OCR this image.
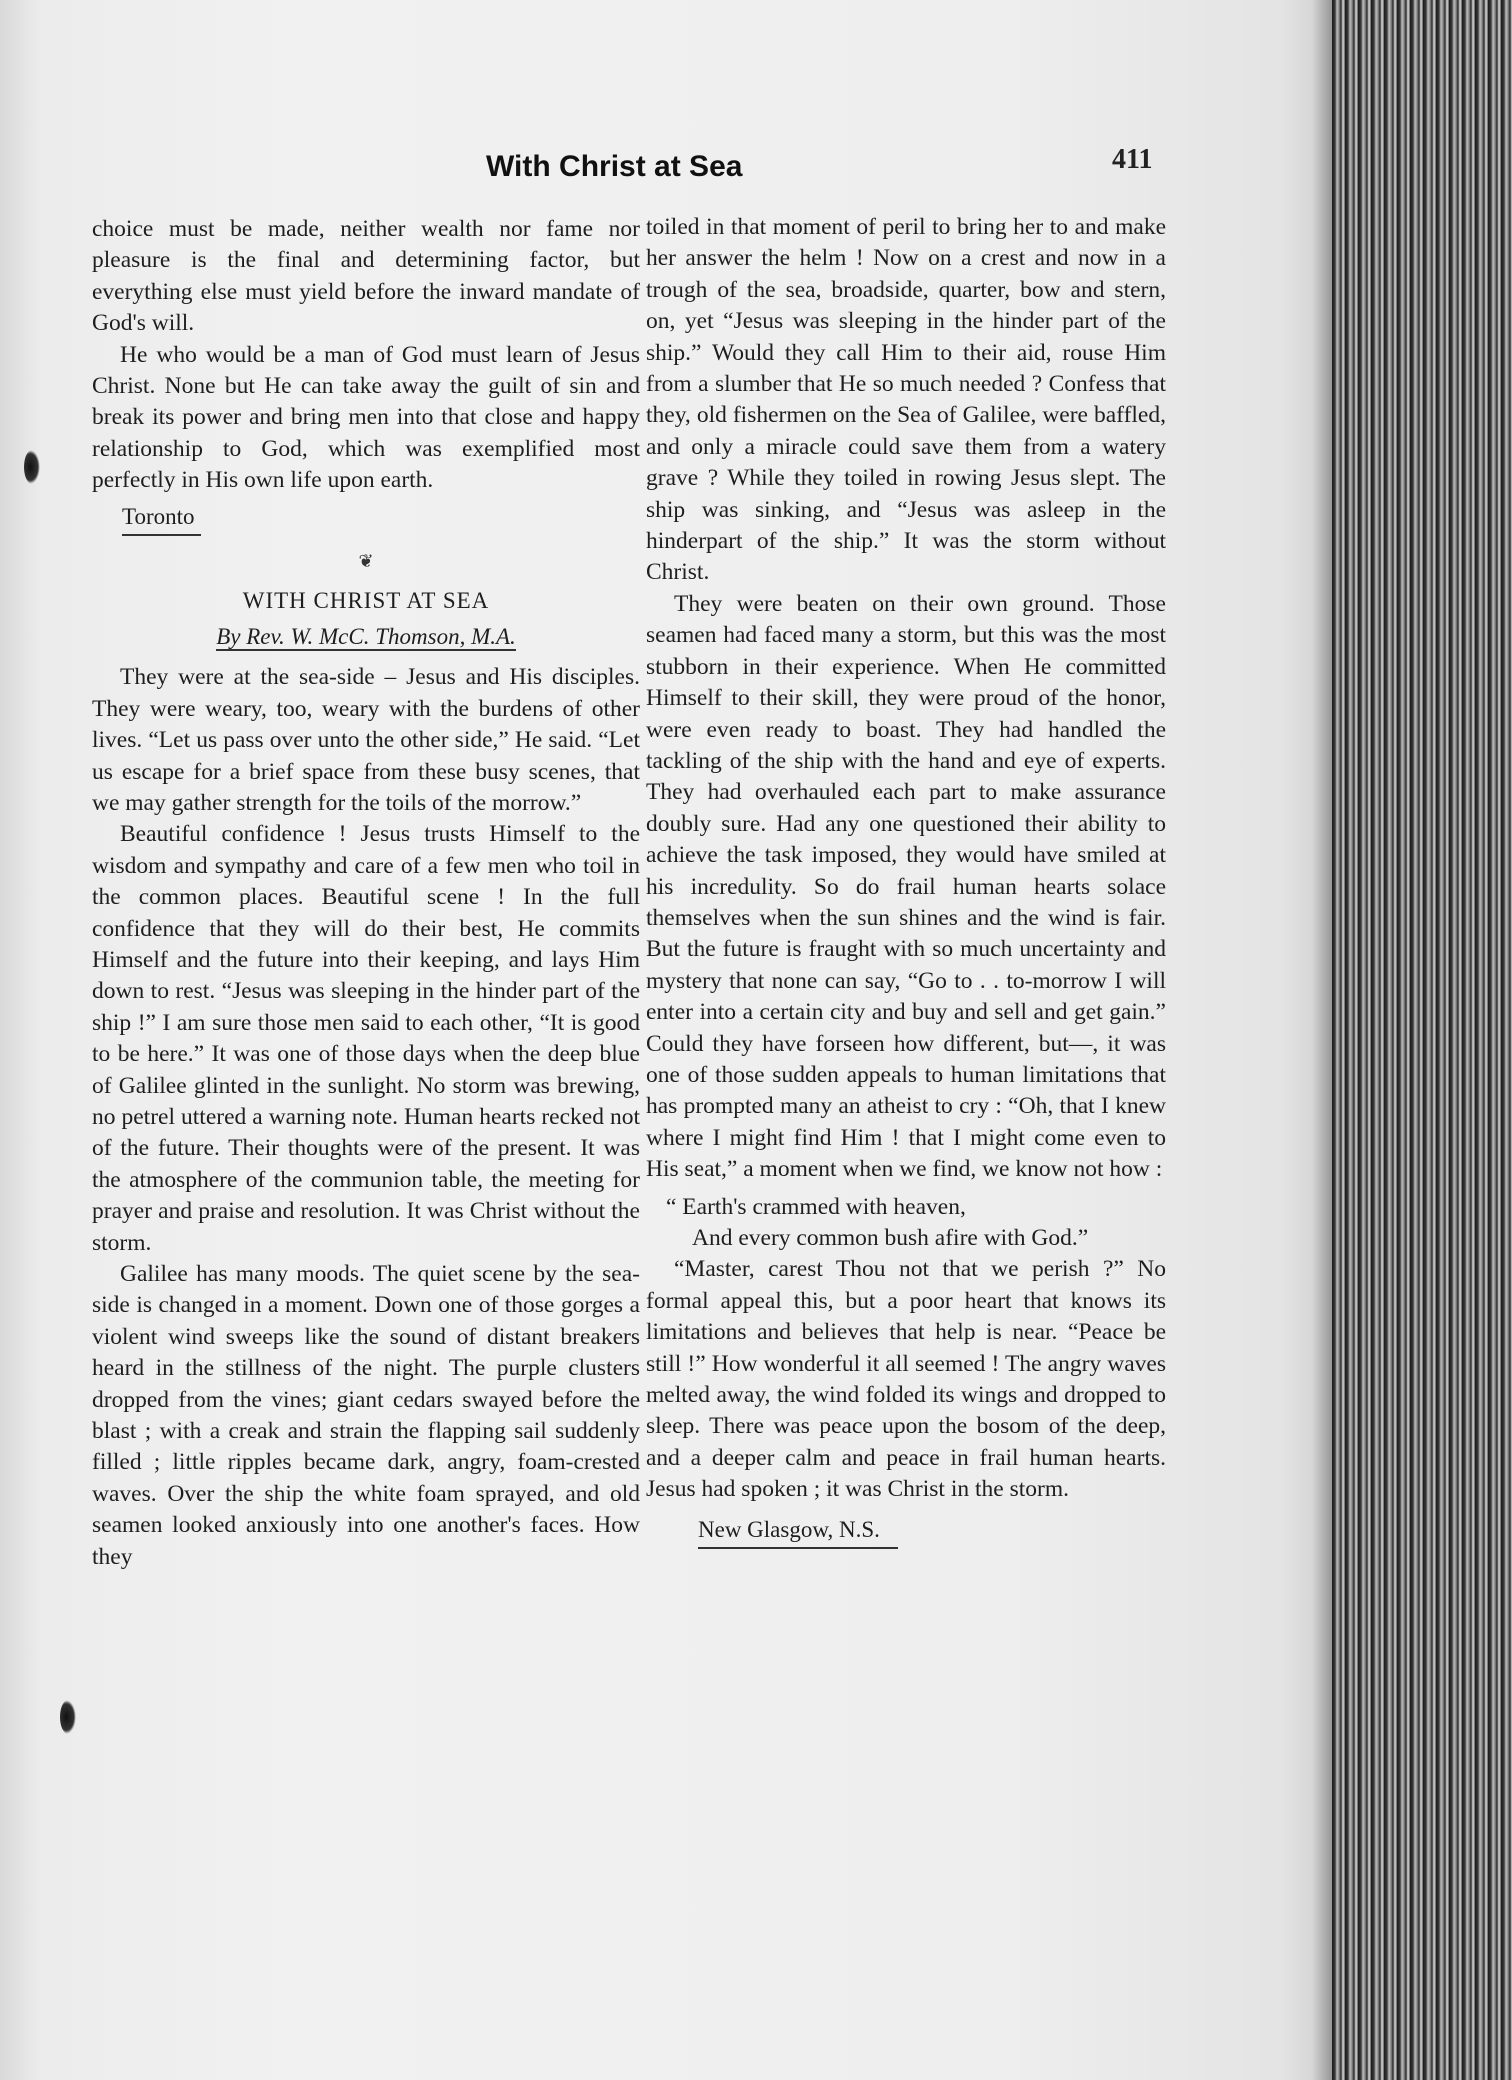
With Christ at Sea	411

choice must be made, neither wealth nor fame nor pleasure is the final and determining factor, but everything else must yield before the inward mandate of God's will.

He who would be a man of God must learn of Jesus Christ. None but He can take away the guilt of sin and break its power and bring men into that close and happy relationship to God, which was exemplified most perfectly in His own life upon earth.

Toronto
❦
WITH CHRIST AT SEA
By Rev. W. McC. Thomson, M.A.

They were at the sea-side – Jesus and His disciples. They were weary, too, weary with the burdens of other lives. “Let us pass over unto the other side,” He said. “Let us escape for a brief space from these busy scenes, that we may gather strength for the toils of the morrow.”

Beautiful confidence ! Jesus trusts Himself to the wisdom and sympathy and care of a few men who toil in the common places. Beautiful scene ! In the full confidence that they will do their best, He commits Himself and the future into their keeping, and lays Him down to rest. “Jesus was sleeping in the hinder part of the ship !” I am sure those men said to each other, “It is good to be here.” It was one of those days when the deep blue of Galilee glinted in the sunlight. No storm was brewing, no petrel uttered a warning note. Human hearts recked not of the future. Their thoughts were of the present. It was the atmosphere of the communion table, the meeting for prayer and praise and resolution. It was Christ without the storm.

Galilee has many moods. The quiet scene by the sea-side is changed in a moment. Down one of those gorges a violent wind sweeps like the sound of distant breakers heard in the stillness of the night. The purple clusters dropped from the vines; giant cedars swayed before the blast ; with a creak and strain the flapping sail suddenly filled ; little ripples became dark, angry, foam-crested waves. Over the ship the white foam sprayed, and old seamen looked anxiously into one another's faces. How they

toiled in that moment of peril to bring her to and make her answer the helm ! Now on a crest and now in a trough of the sea, broadside, quarter, bow and stern, on, yet “Jesus was sleeping in the hinder part of the ship.” Would they call Him to their aid, rouse Him from a slumber that He so much needed ? Confess that they, old fishermen on the Sea of Galilee, were baffled, and only a miracle could save them from a watery grave ? While they toiled in rowing Jesus slept. The ship was sinking, and “Jesus was asleep in the hinderpart of the ship.” It was the storm without Christ.

They were beaten on their own ground. Those seamen had faced many a storm, but this was the most stubborn in their experience. When He committed Himself to their skill, they were proud of the honor, were even ready to boast. They had handled the tackling of the ship with the hand and eye of experts. They had overhauled each part to make assurance doubly sure. Had any one questioned their ability to achieve the task imposed, they would have smiled at his incredulity. So do frail human hearts solace themselves when the sun shines and the wind is fair. But the future is fraught with so much uncertainty and mystery that none can say, “Go to . . to-morrow I will enter into a certain city and buy and sell and get gain.” Could they have forseen how different, but—, it was one of those sudden appeals to human limitations that has prompted many an atheist to cry : “Oh, that I knew where I might find Him ! that I might come even to His seat,” a moment when we find, we know not how :

“ Earth's crammed with heaven,
And every common bush afire with God.”

“Master, carest Thou not that we perish ?” No formal appeal this, but a poor heart that knows its limitations and believes that help is near. “Peace be still !” How wonderful it all seemed ! The angry waves melted away, the wind folded its wings and dropped to sleep. There was peace upon the bosom of the deep, and a deeper calm and peace in frail human hearts. Jesus had spoken ; it was Christ in the storm.

New Glasgow, N.S.
